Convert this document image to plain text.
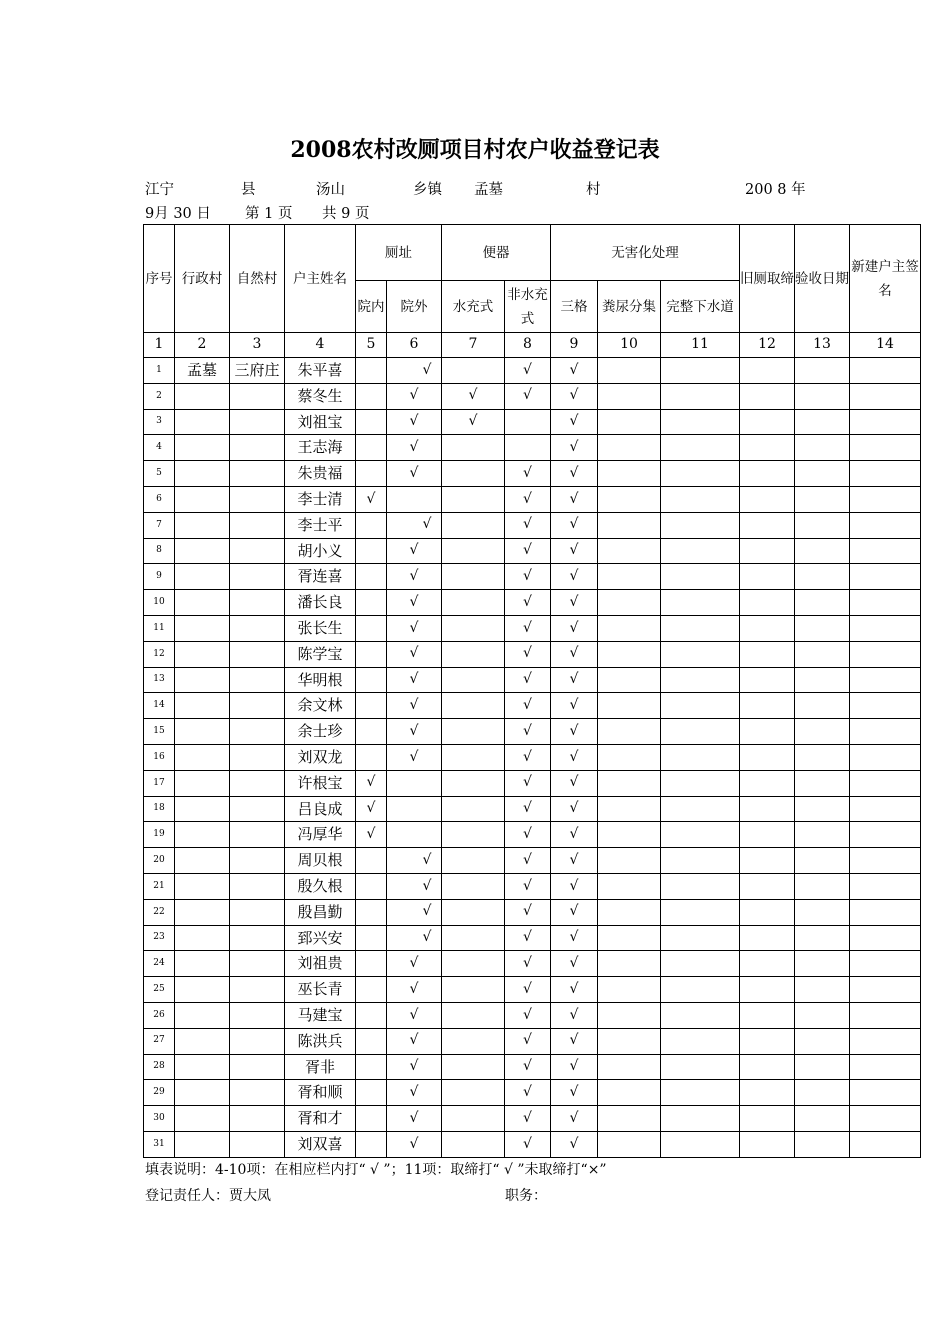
2008农村改厕项目村农户收益登记表
江宁	县	汤山	乡镇 孟墓	村	200 8 年
9月 30 日 第 1 页 共 9 页
序号	行政村	自然村	户主姓名	厕址		便器		无害化处理			旧厕取缔	验收日期	新建户主签名
				院内	院外	水充式	非水充式	三格	粪尿分集	完整下水道			
1	2	3	4	5	6	7	8	9	10	11	12	13	14
1	孟墓	三府庄	朱平喜		√		√	√					
2			蔡冬生		√	√	√	√					
3			刘祖宝		√	√		√					
4			王志海		√			√					
5			朱贵福		√		√	√					
6			李士清	√			√	√					
7			李士平		√		√	√					
8			胡小义		√		√	√					
9			胥连喜		√		√	√					
10			潘长良		√		√	√					
11			张长生		√		√	√					
12			陈学宝		√		√	√					
13			华明根		√		√	√					
14			余文林		√		√	√					
15			余士珍		√		√	√					
16			刘双龙		√		√	√					
17			许根宝	√			√	√					
18			吕良成	√			√	√					
19			冯厚华	√			√	√					
20			周贝根		√		√	√					
21			殷久根		√		√	√					
22			殷昌勤		√		√	√					
23			郅兴安		√		√	√					
24			刘祖贵		√		√	√					
25			巫长青		√		√	√					
26			马建宝		√		√	√					
27			陈洪兵		√		√	√					
28			胥非		√		√	√					
29			胥和顺		√		√	√					
30			胥和才		√		√	√					
31			刘双喜		√		√	√					
填表说明：4-10项：在相应栏内打“ √ ”；11项：取缔打“ √ ”未取缔打“×”
登记责任人：贾大凤	职务：
